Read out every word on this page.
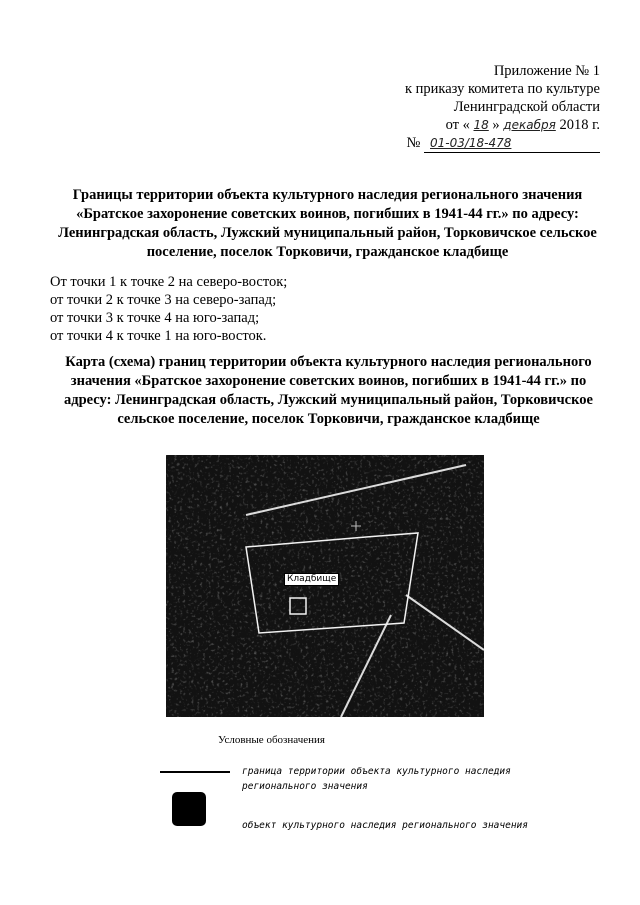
Приложение № 1
к приказу комитета по культуре
Ленинградской области
от « 18 » декабря 2018 г.
№ 01-03/18-478
Границы территории объекта культурного наследия регионального значения «Братское захоронение советских воинов, погибших в 1941-44 гг.» по адресу: Ленинградская область, Лужский муниципальный район, Торковичское сельское поселение, поселок Торковичи, гражданское кладбище
От точки 1 к точке 2 на северо-восток;
от точки 2 к точке 3 на северо-запад;
от точки 3 к точке 4 на юго-запад;
от точки 4 к точке 1 на юго-восток.
Карта (схема) границ территории объекта культурного наследия регионального значения «Братское захоронение советских воинов, погибших в 1941-44 гг.» по адресу: Ленинградская область, Лужский муниципальный район, Торковичское сельское поселение, поселок Торковичи, гражданское кладбище
Кладбище
Условные обозначения
граница территории объекта культурного наследия регионального значения
объект культурного наследия регионального значения
